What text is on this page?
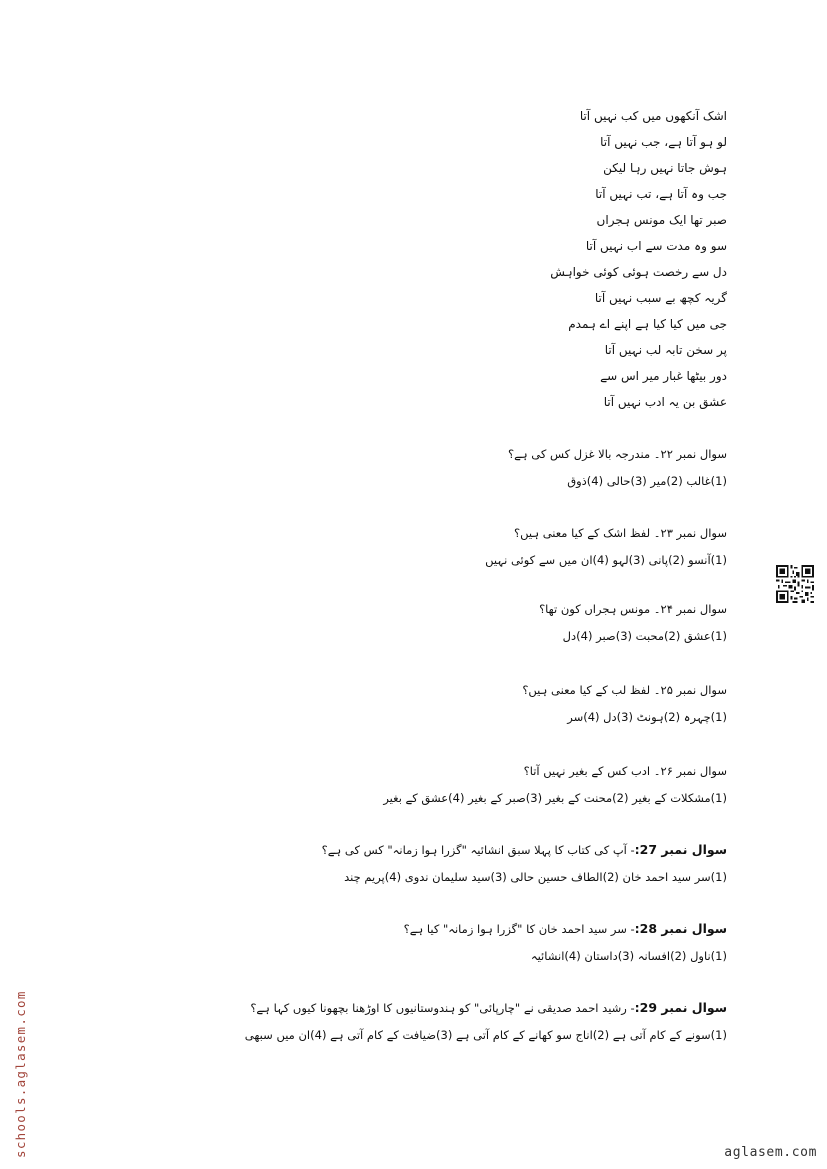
اشک آنکھوں میں کب نہیں آتا
لو ہو آتا ہے، جب نہیں آتا
ہوش جاتا نہیں رہا لیکن
جب وہ آتا ہے، تب نہیں آتا
صبر تھا ایک مونس ہجراں
سو وہ مدت سے اب نہیں آتا
دل سے رخصت ہوئی کوئی خواہش
گریہ کچھ بے سبب نہیں آتا
جی میں کیا کیا ہے اپنے اے ہمدم
پر سخن تابہ لب نہیں آتا
دور بیٹھا غبار میر اس سے
عشق بن یہ ادب نہیں آتا
سوال نمبر ۲۲۔ مندرجہ بالا غزل کس کی ہے؟
(1)غالب (2)میر (3)حالی (4)ذوق
سوال نمبر ۲۳۔ لفظ اشک کے کیا معنی ہیں؟
(1)آنسو (2)پانی (3)لہو (4)ان میں سے کوئی نہیں
سوال نمبر ۲۴۔ مونس ہجراں کون تھا؟
(1)عشق (2)محبت (3)صبر (4)دل
سوال نمبر ۲۵۔ لفظ لب کے کیا معنی ہیں؟
(1)چہرہ (2)ہونٹ (3)دل (4)سر
سوال نمبر ۲۶۔ ادب کس کے بغیر نہیں آتا؟
(1)مشکلات کے بغیر (2)محنت کے بغیر (3)صبر کے بغیر (4)عشق کے بغیر
سوال نمبر 27:- آپ کی کتاب کا پہلا سبق انشائیہ "گزرا ہوا زمانہ" کس کی ہے؟
(1)سر سید احمد خان (2)الطاف حسین حالی (3)سید سلیمان ندوی (4)پریم چند
سوال نمبر 28:- سر سید احمد خان کا "گزرا ہوا زمانہ" کیا ہے؟
(1)ناول (2)افسانہ (3)داستان (4)انشائیہ
سوال نمبر 29:- رشید احمد صدیقی نے "چارپائی" کو ہندوستانیوں کا اوڑھنا بچھونا کیوں کہا ہے؟
(1)سونے کے کام آتی ہے (2)اناج سو کھانے کے کام آتی ہے (3)ضیافت کے کام آتی ہے (4)ان میں سبھی
schools.aglasem.com	aglasem.com
